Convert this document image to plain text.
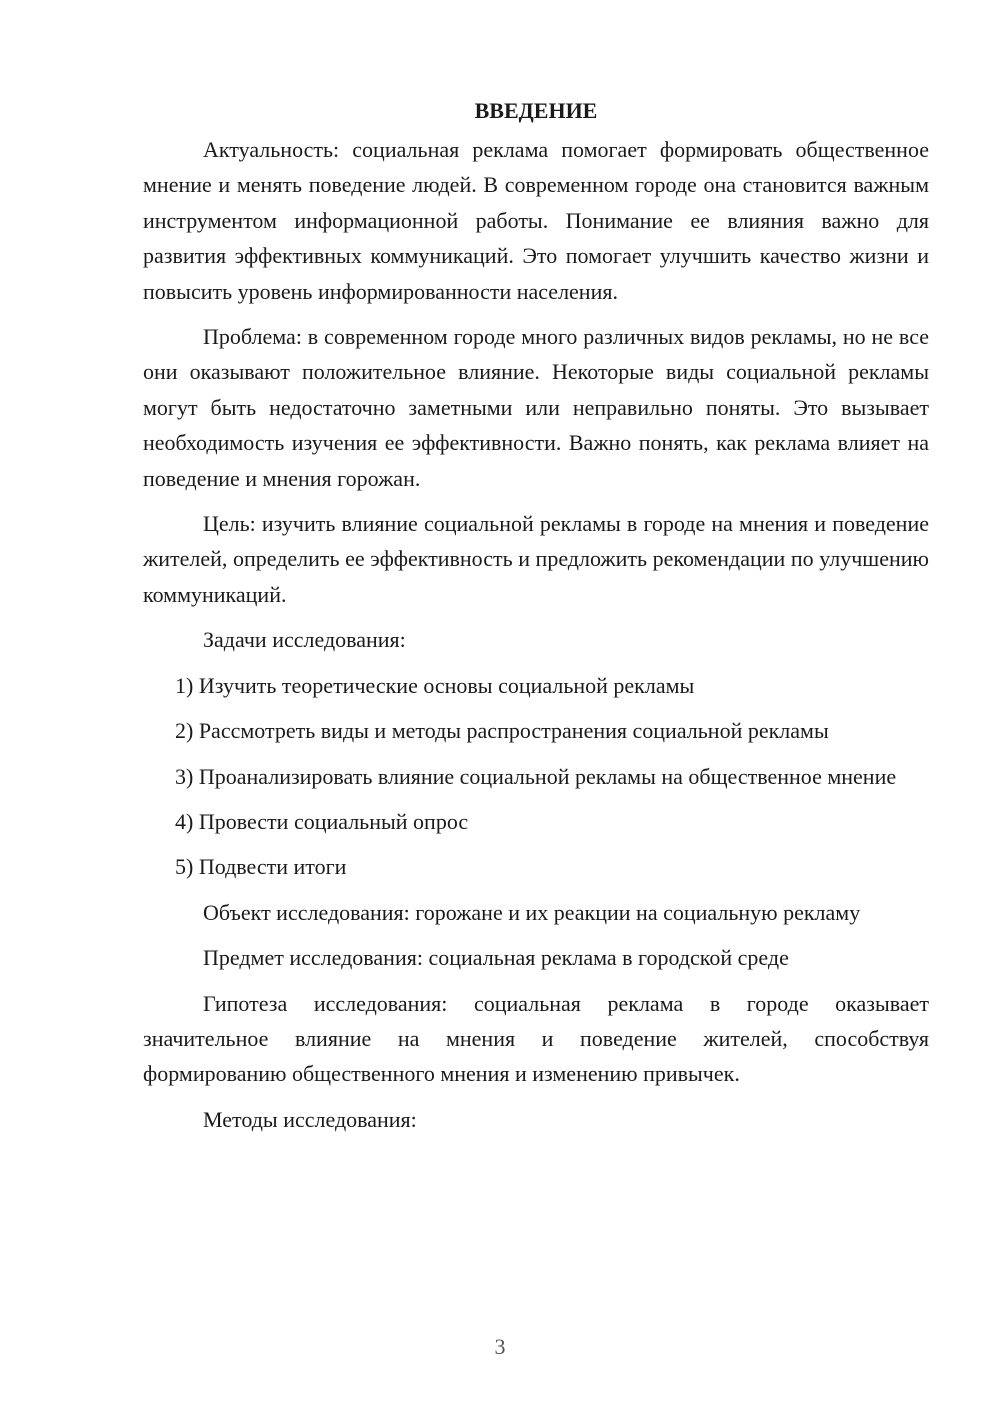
ВВЕДЕНИЕ

Актуальность: социальная реклама помогает формировать общественное мнение и менять поведение людей. В современном городе она становится важным инструментом информационной работы. Понимание ее влияния важно для развития эффективных коммуникаций. Это помогает улучшить качество жизни и повысить уровень информированности населения.

Проблема: в современном городе много различных видов рекламы, но не все они оказывают положительное влияние. Некоторые виды социальной рекламы могут быть недостаточно заметными или неправильно поняты. Это вызывает необходимость изучения ее эффективности. Важно понять, как реклама влияет на поведение и мнения горожан.

Цель: изучить влияние социальной рекламы в городе на мнения и поведение жителей, определить ее эффективность и предложить рекомендации по улучшению коммуникаций.

Задачи исследования:

1) Изучить теоретические основы социальной рекламы

2) Рассмотреть виды и методы распространения социальной рекламы

3) Проанализировать влияние социальной рекламы на общественное мнение

4) Провести социальный опрос

5) Подвести итоги

Объект исследования: горожане и их реакции на социальную рекламу

Предмет исследования: социальная реклама в городской среде

Гипотеза исследования: социальная реклама в городе оказывает значительное влияние на мнения и поведение жителей, способствуя формированию общественного мнения и изменению привычек.

Методы исследования:

3
